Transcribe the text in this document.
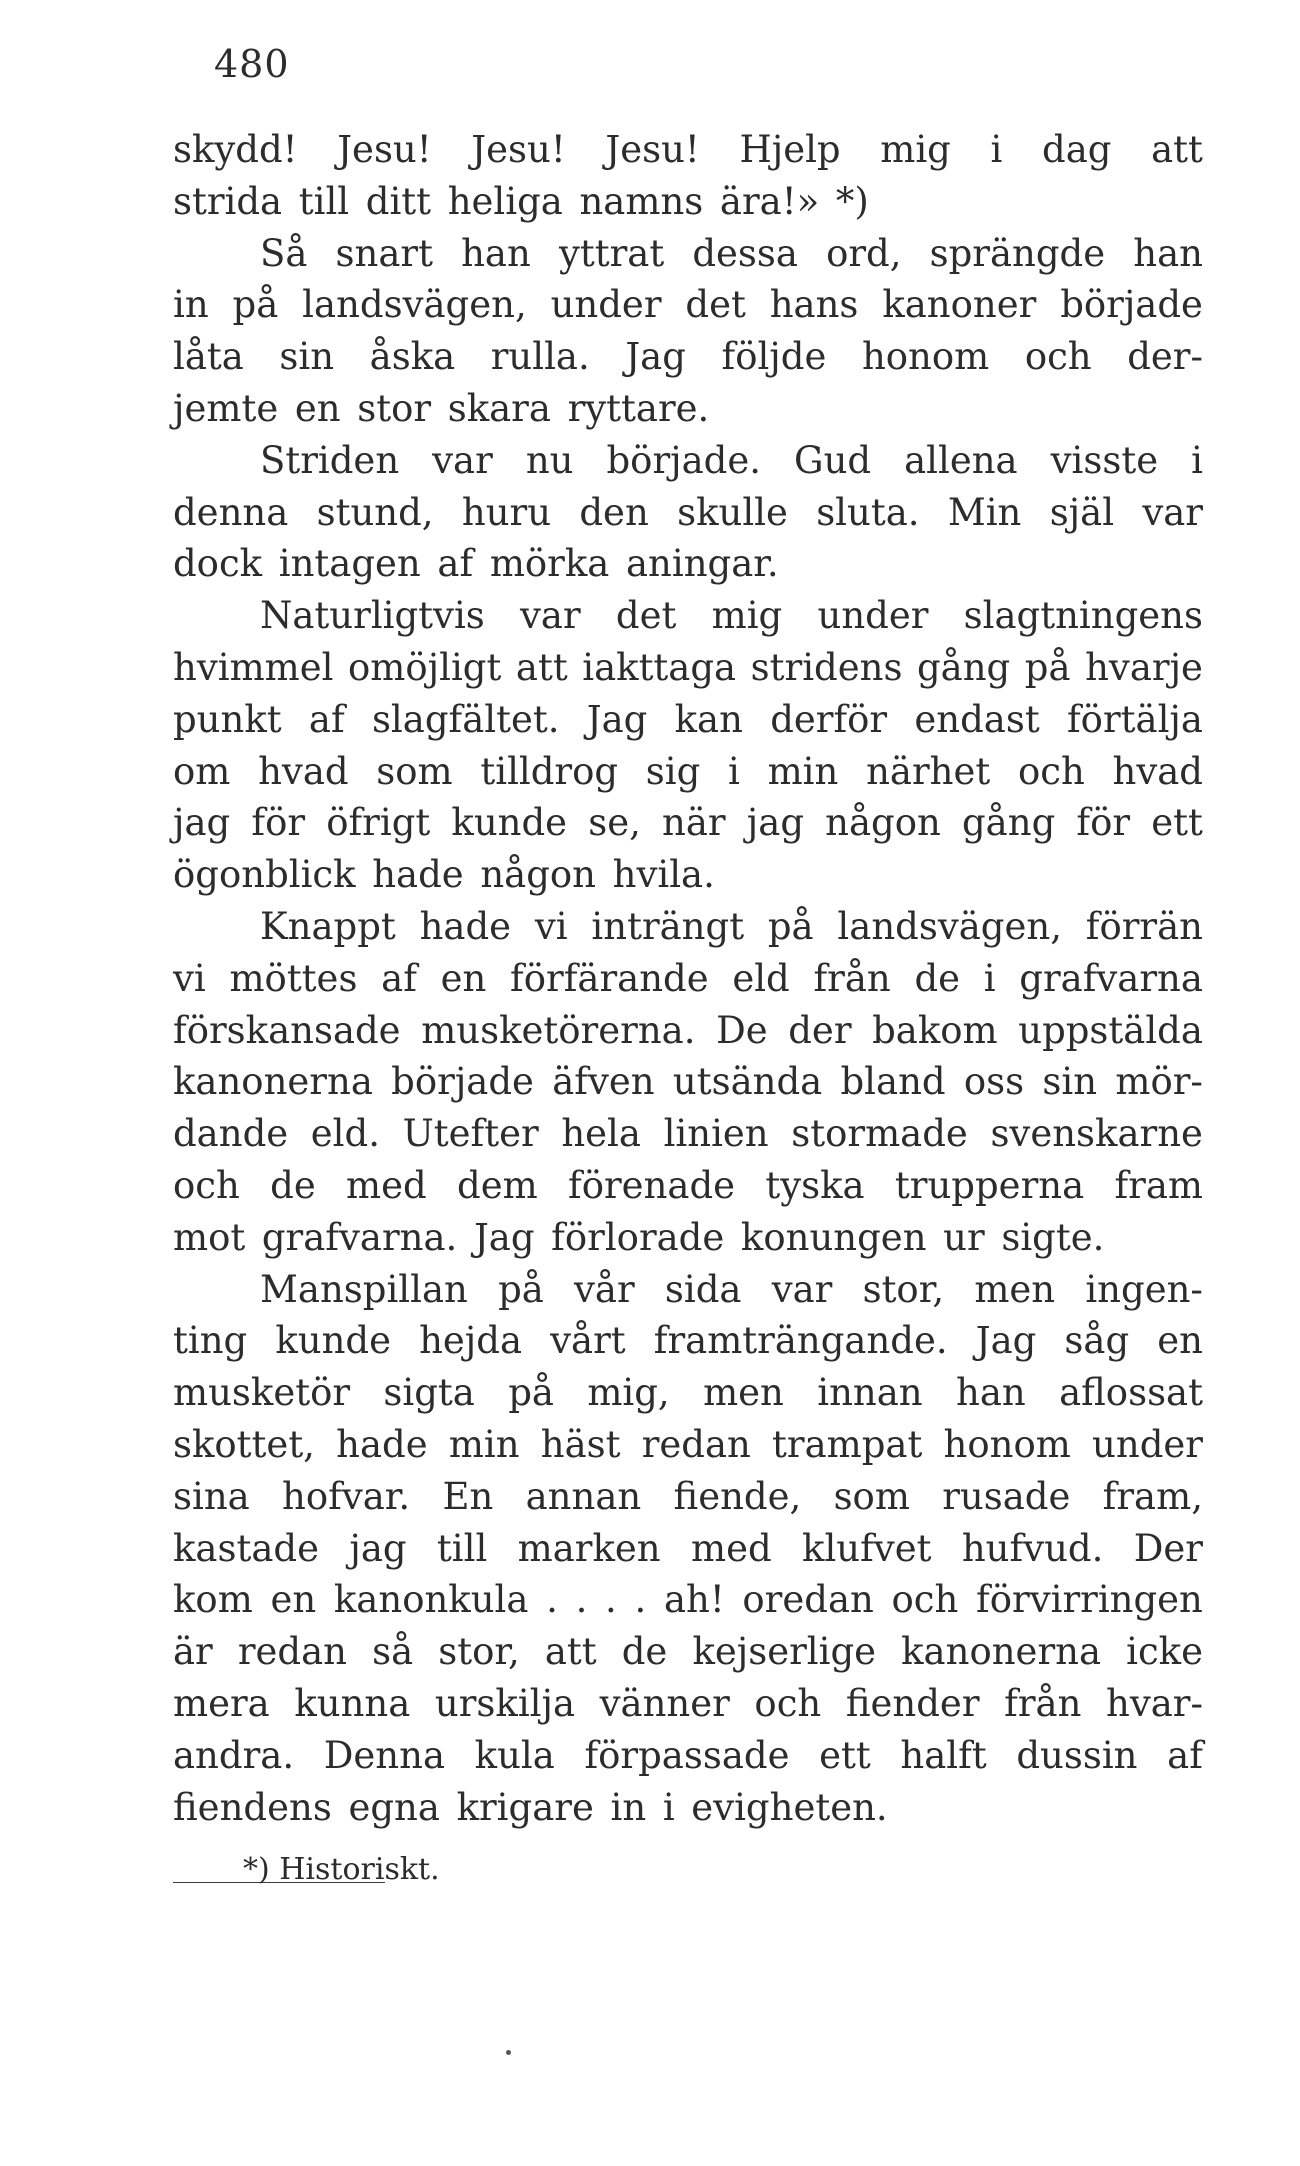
480
skydd! Jesu! Jesu! Jesu! Hjelp mig i dag att
strida till ditt heliga namns ära!» *)
Så snart han yttrat dessa ord, sprängde han
in på landsvägen, under det hans kanoner började
låta sin åska rulla. Jag följde honom och der-
jemte en stor skara ryttare.
Striden var nu började. Gud allena visste i
denna stund, huru den skulle sluta. Min själ var
dock intagen af mörka aningar.
Naturligtvis var det mig under slagtningens
hvimmel omöjligt att iakttaga stridens gång på hvarje
punkt af slagfältet. Jag kan derför endast förtälja
om hvad som tilldrog sig i min närhet och hvad
jag för öfrigt kunde se, när jag någon gång för ett
ögonblick hade någon hvila.
Knappt hade vi inträngt på landsvägen, förrän
vi möttes af en förfärande eld från de i grafvarna
förskansade musketörerna. De der bakom uppstälda
kanonerna började äfven utsända bland oss sin mör-
dande eld. Utefter hela linien stormade svenskarne
och de med dem förenade tyska trupperna fram
mot grafvarna. Jag förlorade konungen ur sigte.
Manspillan på vår sida var stor, men ingen-
ting kunde hejda vårt framträngande. Jag såg en
musketör sigta på mig, men innan han aflossat
skottet, hade min häst redan trampat honom under
sina hofvar. En annan fiende, som rusade fram,
kastade jag till marken med klufvet hufvud. Der
kom en kanonkula . . . . ah! oredan och förvirringen
är redan så stor, att de kejserlige kanonerna icke
mera kunna urskilja vänner och fiender från hvar-
andra. Denna kula förpassade ett halft dussin af
fiendens egna krigare in i evigheten.
*) Historiskt.
